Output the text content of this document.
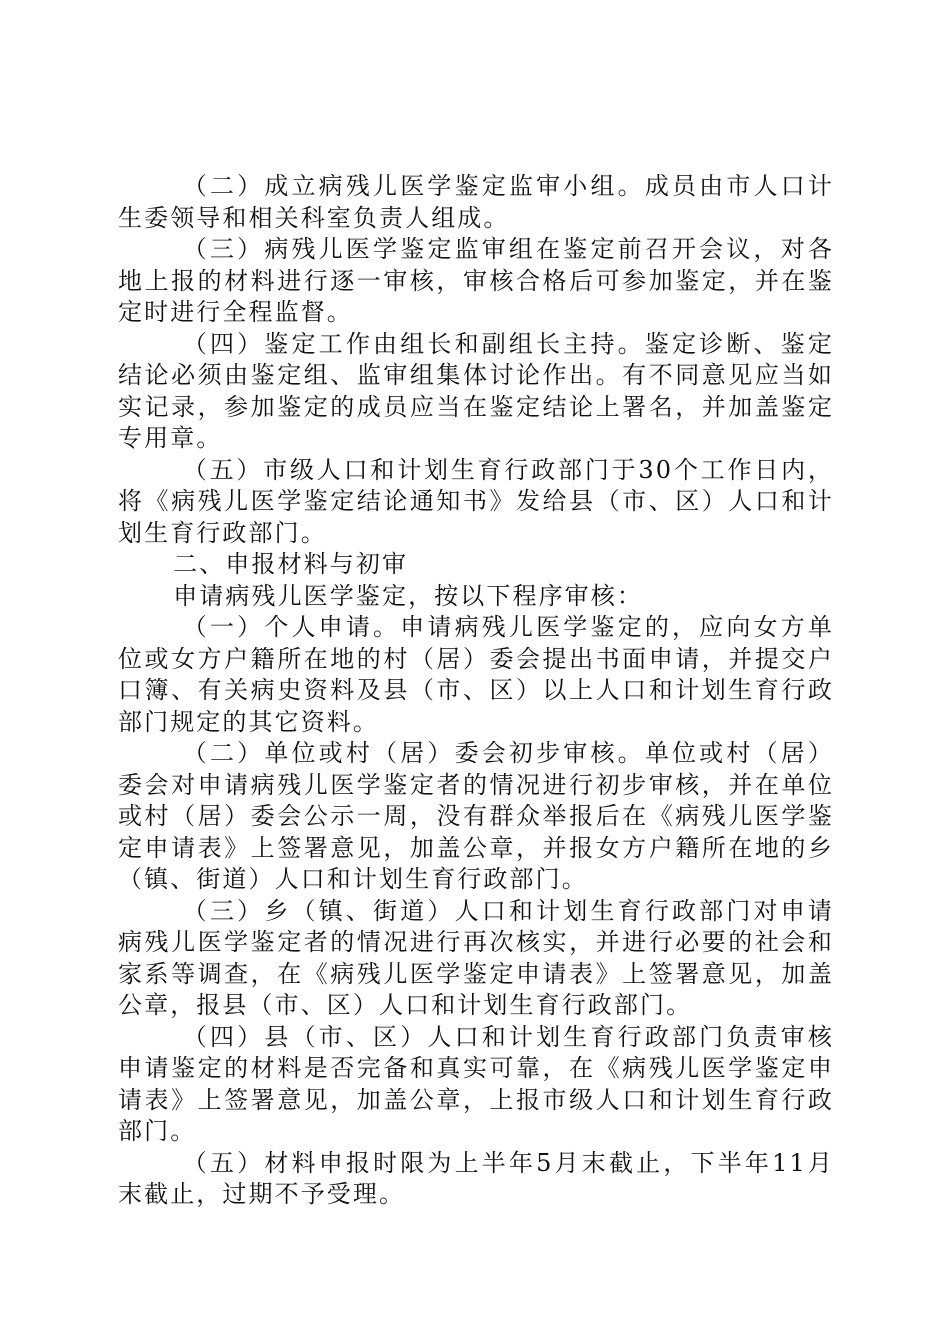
（二）成立病残儿医学鉴定监审小组。成员由市人口计生委领导和相关科室负责人组成。

（三）病残儿医学鉴定监审组在鉴定前召开会议，对各地上报的材料进行逐一审核，审核合格后可参加鉴定，并在鉴定时进行全程监督。

（四）鉴定工作由组长和副组长主持。鉴定诊断、鉴定结论必须由鉴定组、监审组集体讨论作出。有不同意见应当如实记录，参加鉴定的成员应当在鉴定结论上署名，并加盖鉴定专用章。

（五）市级人口和计划生育行政部门于30个工作日内，将《病残儿医学鉴定结论通知书》发给县（市、区）人口和计划生育行政部门。

二、申报材料与初审

申请病残儿医学鉴定，按以下程序审核：

（一）个人申请。申请病残儿医学鉴定的，应向女方单位或女方户籍所在地的村（居）委会提出书面申请，并提交户口簿、有关病史资料及县（市、区）以上人口和计划生育行政部门规定的其它资料。

（二）单位或村（居）委会初步审核。单位或村（居）委会对申请病残儿医学鉴定者的情况进行初步审核，并在单位或村（居）委会公示一周，没有群众举报后在《病残儿医学鉴定申请表》上签署意见，加盖公章，并报女方户籍所在地的乡（镇、街道）人口和计划生育行政部门。

（三）乡（镇、街道）人口和计划生育行政部门对申请病残儿医学鉴定者的情况进行再次核实，并进行必要的社会和家系等调查，在《病残儿医学鉴定申请表》上签署意见，加盖公章，报县（市、区）人口和计划生育行政部门。

（四）县（市、区）人口和计划生育行政部门负责审核申请鉴定的材料是否完备和真实可靠，在《病残儿医学鉴定申请表》上签署意见，加盖公章，上报市级人口和计划生育行政部门。

（五）材料申报时限为上半年5月末截止，下半年11月末截止，过期不予受理。
